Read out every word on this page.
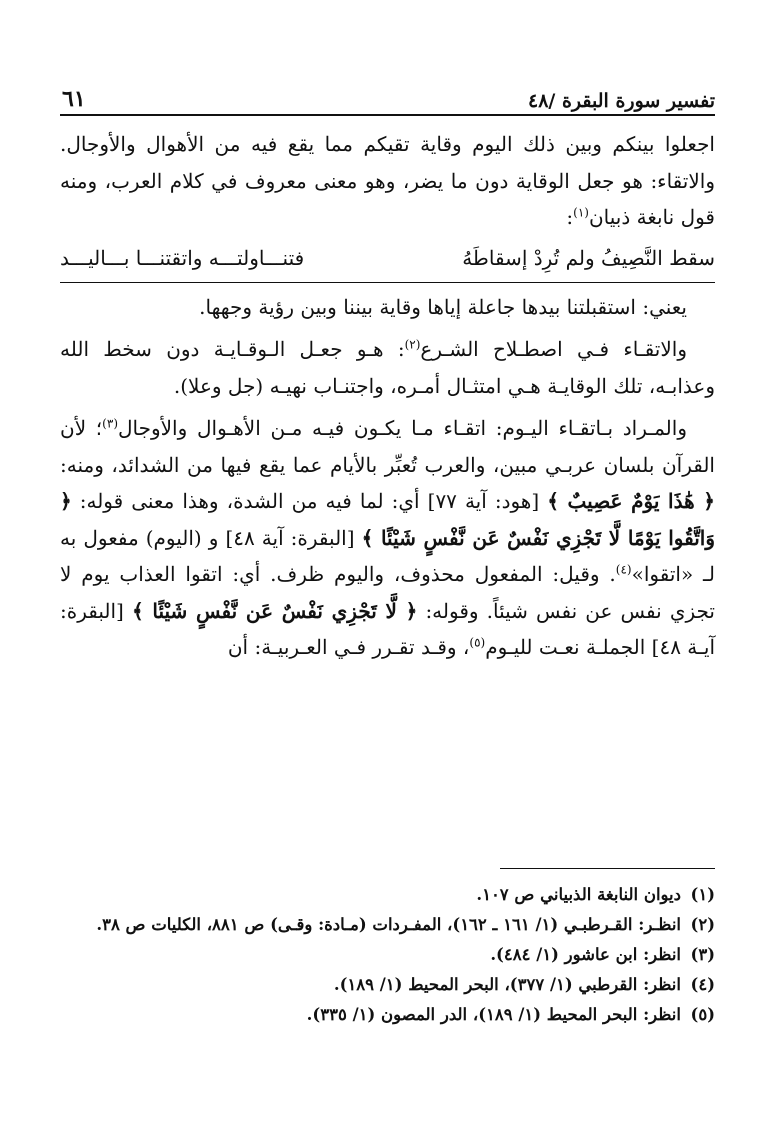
تفسير سورة البقرة /٤٨
٦١

اجعلوا بينكم وبين ذلك اليوم وقاية تقيكم مما يقع فيه من الأهوال والأوجال. والاتقاء: هو جعل الوقاية دون ما يضر، وهو معنى معروف في كلام العرب، ومنه قول نابغة ذبيان$^{(١)}$:

سقط النَّصِيفُ ولم تُرِدْ إسقاطَهُ
فتنـــاولتـــه واتقتنـــا بـــاليـــد

يعني: استقبلتنا بيدها جاعلة إياها وقاية بيننا وبين رؤية وجهها.

والاتقـاء فـي اصطـلاح الشـرع$^{(٢)}$: هـو جعـل الـوقـايـة دون سخط الله وعذابـه، تلك الوقايـة هـي امتثـال أمـره، واجتنـاب نهيـه (جل وعلا).

والمـراد بـاتقـاء اليـوم: اتقـاء مـا يكـون فيـه مـن الأهـوال والأوجال$^{(٣)}$؛ لأن القرآن بلسان عربـي مبين، والعرب تُعبِّر بالأيام عما يقع فيها من الشدائد، ومنه: ﴿ هَٰذَا يَوْمٌ عَصِيبٌ ﴾ [هود: آية ٧٧] أي: لما فيه من الشدة، وهذا معنى قوله: ﴿ وَاتَّقُوا يَوْمًا لَّا تَجْزِي نَفْسٌ عَن نَّفْسٍ شَيْئًا ﴾ [البقرة: آية ٤٨] و (اليوم) مفعول به لـ «اتقوا»$^{(٤)}$. وقيل: المفعول محذوف، واليوم ظرف. أي: اتقوا العذاب يوم لا تجزي نفس عن نفس شيئاً. وقوله: ﴿ لَّا تَجْزِي نَفْسٌ عَن نَّفْسٍ شَيْئًا ﴾ [البقرة: آيـة ٤٨] الجملـة نعـت لليـوم$^{(٥)}$، وقـد تقـرر فـي العـربيـة: أن

(١)
ديوان النابغة الذبياني ص ١٠٧.
(٢)
انظـر: القـرطبـي (١/ ١٦١ ـ ١٦٢)، المفـردات (مـادة: وقـى) ص ٨٨١، الكليات ص ٣٨.
(٣)
انظر: ابن عاشور (١/ ٤٨٤).
(٤)
انظر: القرطبي (١/ ٣٧٧)، البحر المحيط (١/ ١٨٩).
(٥)
انظر: البحر المحيط (١/ ١٨٩)، الدر المصون (١/ ٣٣٥).
